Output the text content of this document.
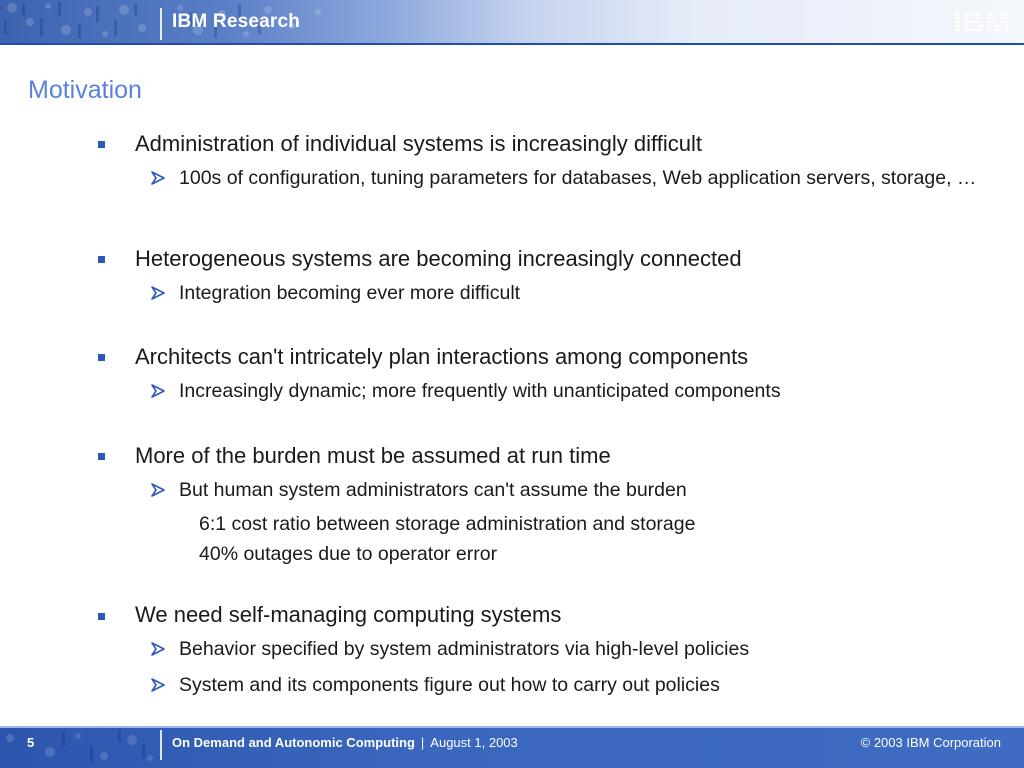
IBM Research	IBM
Motivation
Administration of individual systems is increasingly difficult
100s of configuration, tuning parameters for databases, Web application servers, storage, …
Heterogeneous systems are becoming increasingly connected
Integration becoming ever more difficult
Architects can't intricately plan interactions among components
Increasingly dynamic; more frequently with unanticipated components
More of the burden must be assumed at run time
But human system administrators can't assume the burden
6:1 cost ratio between storage administration and storage
40% outages due to operator error
We need self-managing computing systems
Behavior specified by system administrators via high-level policies
System and its components figure out how to carry out policies
5	On Demand and Autonomic Computing | August 1, 2003	© 2003 IBM Corporation
